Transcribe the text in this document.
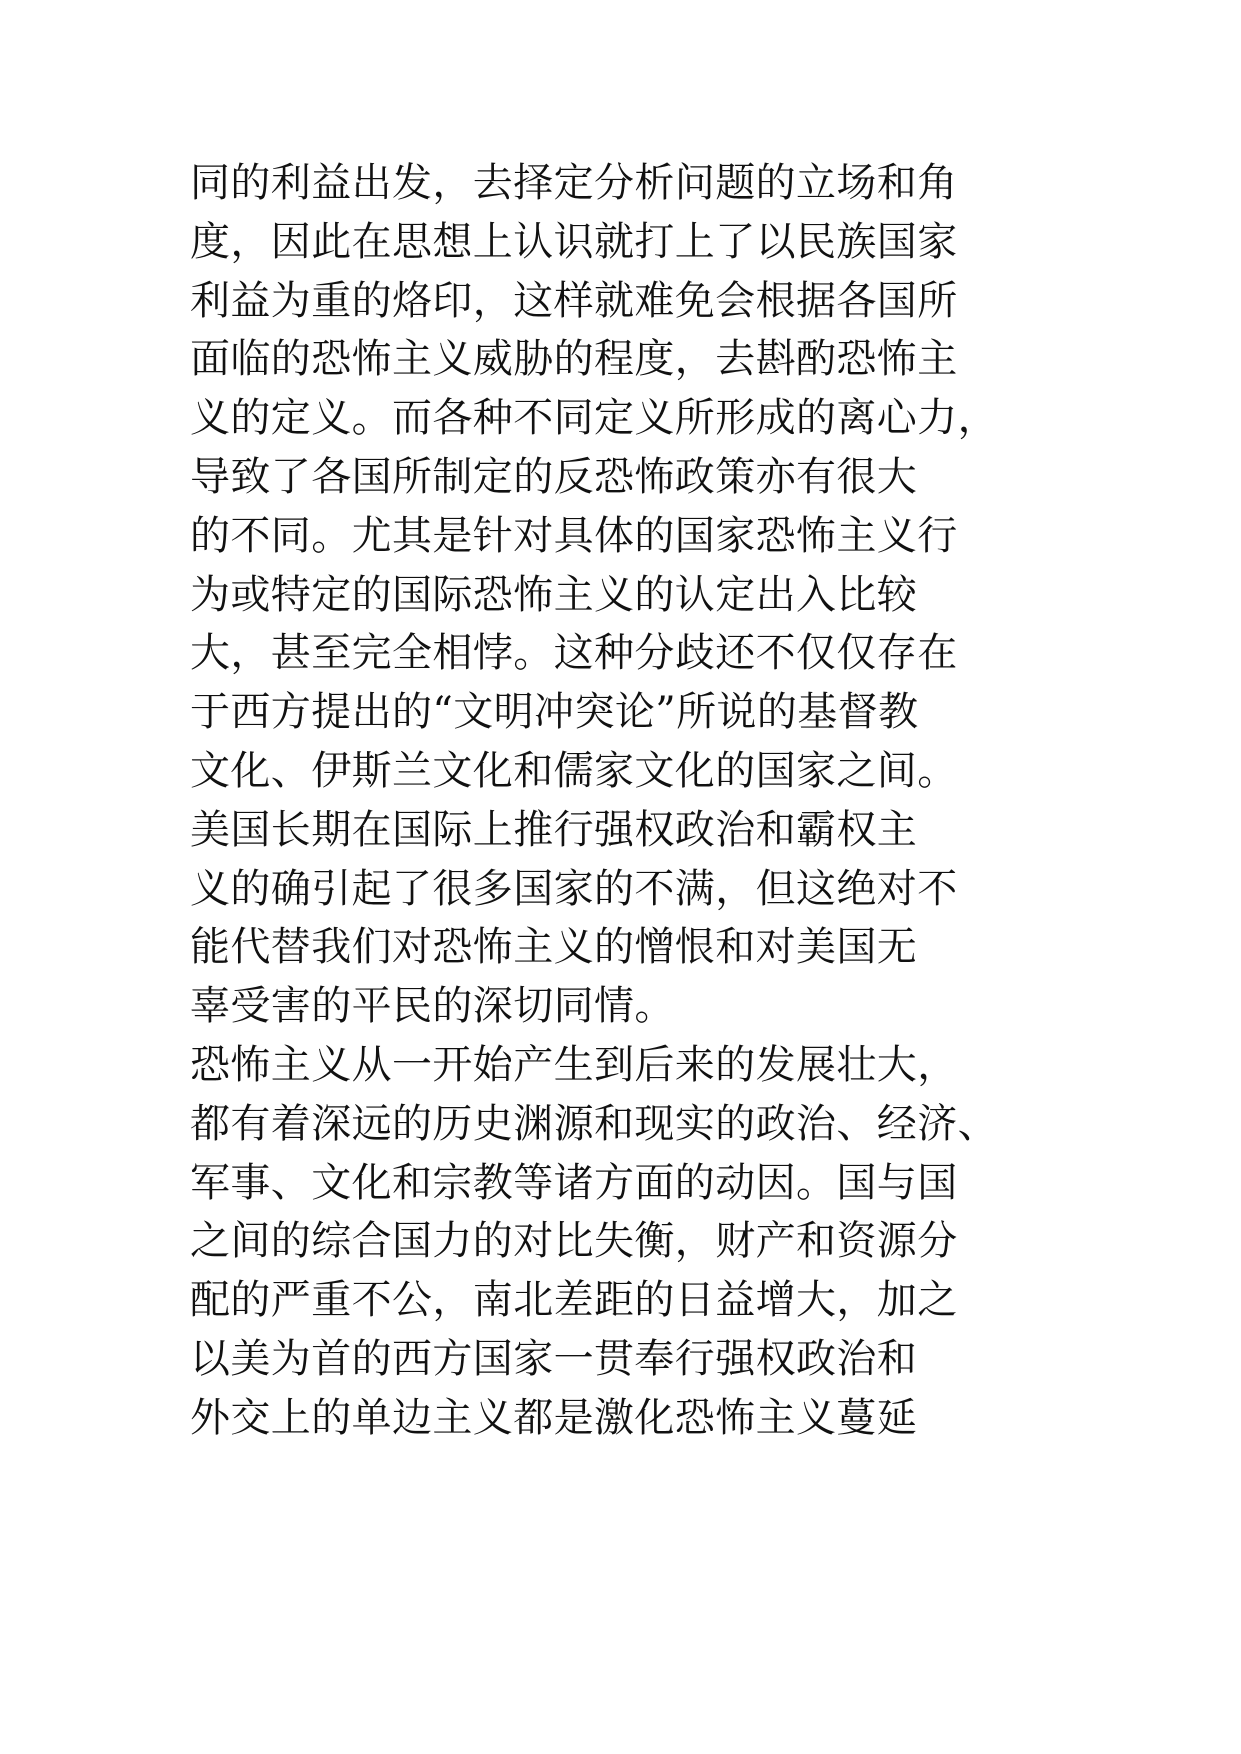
同的利益出发，去择定分析问题的立场和角
度，因此在思想上认识就打上了以民族国家
利益为重的烙印，这样就难免会根据各国所
面临的恐怖主义威胁的程度，去斟酌恐怖主
义的定义。而各种不同定义所形成的离心力，
导致了各国所制定的反恐怖政策亦有很大
的不同。尤其是针对具体的国家恐怖主义行
为或特定的国际恐怖主义的认定出入比较
大，甚至完全相悖。这种分歧还不仅仅存在
于西方提出的“文明冲突论”所说的基督教
文化、伊斯兰文化和儒家文化的国家之间。
美国长期在国际上推行强权政治和霸权主
义的确引起了很多国家的不满，但这绝对不
能代替我们对恐怖主义的憎恨和对美国无
辜受害的平民的深切同情。
恐怖主义从一开始产生到后来的发展壮大，
都有着深远的历史渊源和现实的政治、经济、
军事、文化和宗教等诸方面的动因。国与国
之间的综合国力的对比失衡，财产和资源分
配的严重不公，南北差距的日益增大，加之
以美为首的西方国家一贯奉行强权政治和
外交上的单边主义都是激化恐怖主义蔓延
